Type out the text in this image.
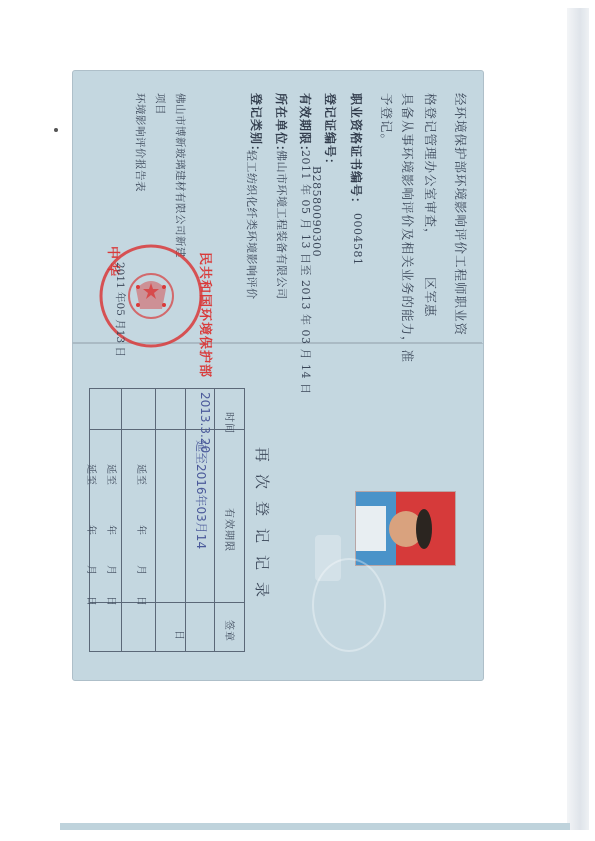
经环境保护部环境影响评价工程师职业资
格登记管理办公室审查，
区军惠
具备从事环境影响评价及相关业务的能力，准
予登记。
职业资格证书编号：
0004581
登记证编号：
B28580090300
有效期限：
2011 年 05 月 13 日至 2013 年 03 月 14 日
所在单位：
佛山市环境工程装备有限公司
登记类别：
轻工纺织化纤类环境影响评价
佛山市博新玻璃建材有限公司新建
项目
环境影响评价报告表
民共和国环境保护部
中华
2011 年05 月13 日
再次登记记录
时间
有效期限
签章
2013.3.20
延至2016年03月14
延至
年
月
日
延至
年
月
日
日
延至
年
月
日
